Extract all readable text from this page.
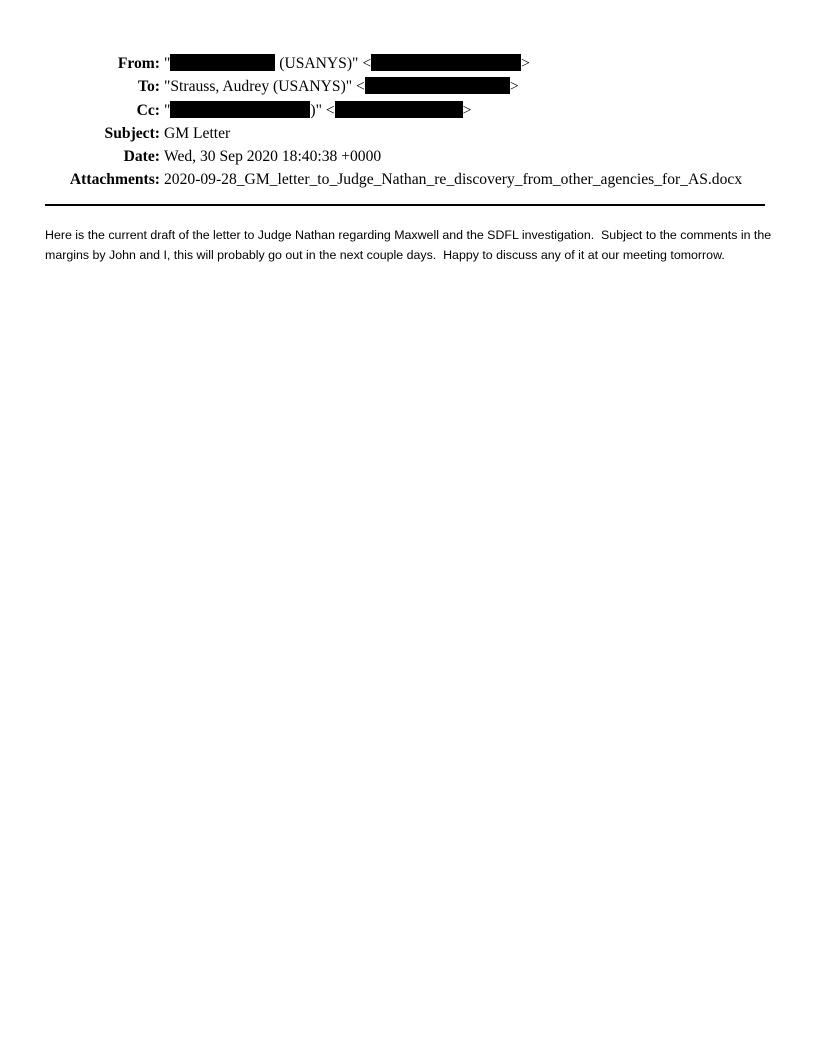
From: "	(USANYS)" <	>
To: "Strauss, Audrey (USANYS)" <	>
Cc: "	)" <	>
Subject: GM Letter
Date: Wed, 30 Sep 2020 18:40:38 +0000
Attachments: 2020-09-28_GM_letter_to_Judge_Nathan_re_discovery_from_other_agencies_for_AS.docx
Here is the current draft of the letter to Judge Nathan regarding Maxwell and the SDFL investigation.  Subject to the comments in the margins by John and I, this will probably go out in the next couple days.  Happy to discuss any of it at our meeting tomorrow.
